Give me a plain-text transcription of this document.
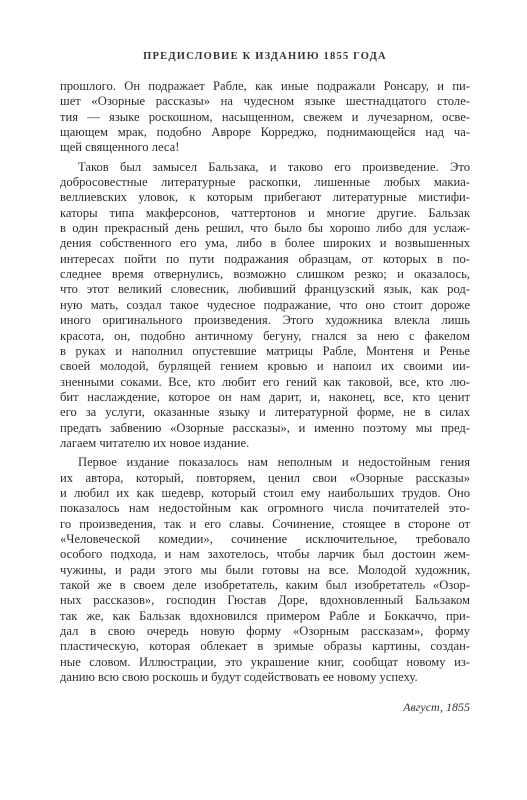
ПРЕДИСЛОВИЕ К ИЗДАНИЮ 1855 ГОДА
прошлого. Он подражает Рабле, как иные подражали Ронсару, и пи-
шет «Озорные рассказы» на чудесном языке шестнадцатого столе-
тия — языке роскошном, насыщенном, свежем и лучезарном, осве-
щающем мрак, подобно Авроре Корреджо, поднимающейся над ча-
щей священного леса!
Таков был замысел Бальзака, и таково его произведение. Это
добросовестные литературные раскопки, лишенные любых макиа-
веллиевских уловок, к которым прибегают литературные мистифи-
каторы типа макферсонов, чаттертонов и многие другие. Бальзак
в один прекрасный день решил, что было бы хорошо либо для услаж-
дения собственного его ума, либо в более широких и возвышенных
интересах пойти по пути подражания образцам, от которых в по-
следнее время отвернулись, возможно слишком резко; и оказалось,
что этот великий словесник, любивший французский язык, как род-
ную мать, создал такое чудесное подражание, что оно стоит дороже
иного оригинального произведения. Этого художника влекла лишь
красота, он, подобно античному бегуну, гнался за нею с факелом
в руках и наполнил опустевшие матрицы Рабле, Монтеня и Ренье
своей молодой, бурлящей гением кровью и напоил их своими ии-
зненными соками. Все, кто любит его гений как таковой, все, кто лю-
бит наслаждение, которое он нам дарит, и, наконец, все, кто ценит
его за услуги, оказанные языку и литературной форме, не в силах
предать забвению «Озорные рассказы», и именно поэтому мы пред-
лагаем читателю их новое издание.
Первое издание показалось нам неполным и недостойным гения
их автора, который, повторяем, ценил свои «Озорные рассказы»
и любил их как шедевр, который стоил ему наибольших трудов. Оно
показалось нам недостойным как огромного числа почитателей это-
го произведения, так и его славы. Сочинение, стоящее в стороне от
«Человеческой комедии», сочинение исключительное, требовало
особого подхода, и нам захотелось, чтобы ларчик был достоин жем-
чужины, и ради этого мы были готовы на все. Молодой художник,
такой же в своем деле изобретатель, каким был изобретатель «Озор-
ных рассказов», господин Гюстав Доре, вдохновленный Бальзаком
так же, как Бальзак вдохновился примером Рабле и Боккаччо, при-
дал в свою очередь новую форму «Озорным рассказам», форму
пластическую, которая облекает в зримые образы картины, создан-
ные словом. Иллюстрации, это украшение книг, сообщат новому из-
данию всю свою роскошь и будут содействовать ее новому успеху.
Август, 1855
